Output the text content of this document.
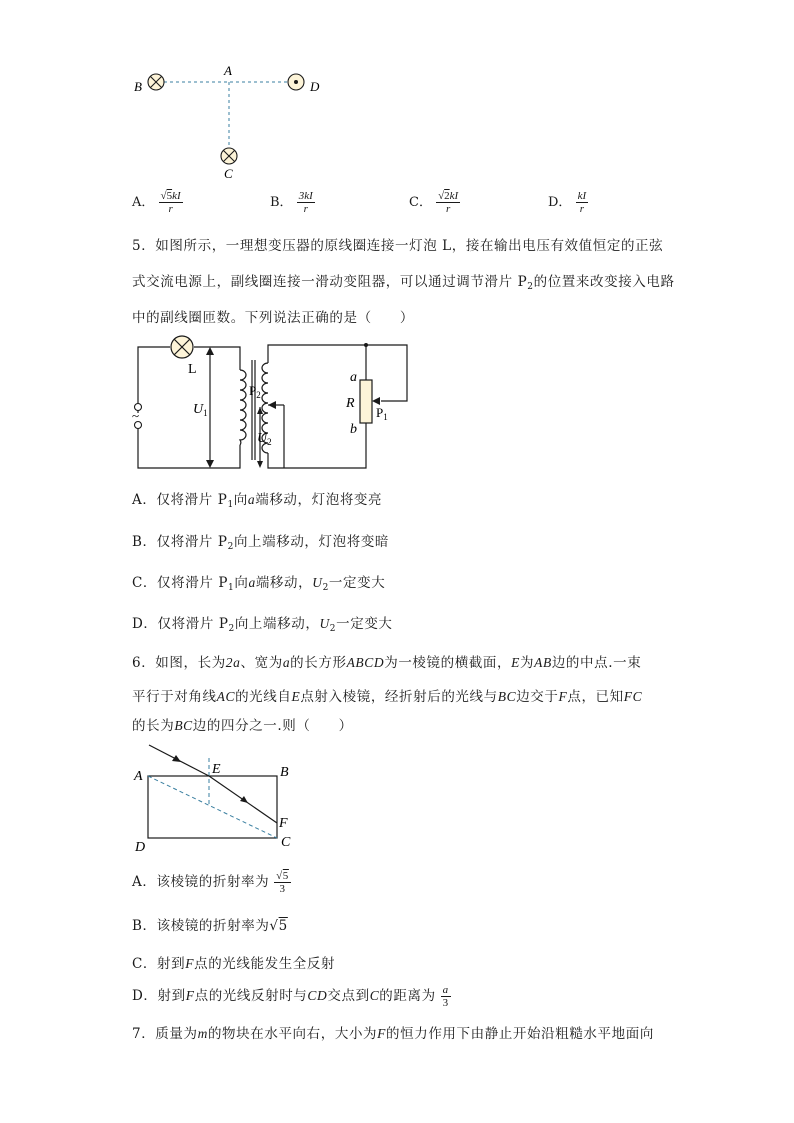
A
B	D
C
A． $\frac{√5kI}{r}$	B． $\frac{3kI}{r}$	C． $\frac{√2kI}{r}$	D． $\frac{kI}{r}$
5．如图所示，一理想变压器的原线圈连接一灯泡 L，接在输出电压有效值恒定的正弦
式交流电源上，副线圈连接一滑动变阻器，可以通过调节滑片 $P_2$的位置来改变接入电路
中的副线圈匝数。下列说法正确的是（　　）
~
L
$U_1$
$U_2$
$P_2$
a
R
b
$P_1$
A．仅将滑片 $P_1$向a端移动，灯泡将变亮
B．仅将滑片 $P_2$向上端移动，灯泡将变暗
C．仅将滑片 $P_1$向a端移动，$U_2$一定变大
D．仅将滑片 $P_2$向上端移动，$U_2$一定变大
6．如图，长为2a、宽为a的长方形ABCD为一棱镜的横截面，E为AB边的中点.一束
平行于对角线AC的光线自E点射入棱镜，经折射后的光线与BC边交于F点，已知FC
的长为BC边的四分之一.则（　　）
A	B
E
F
C
D
A．该棱镜的折射率为 $\frac{√5}{3}$
B．该棱镜的折射率为√5
C．射到F点的光线能发生全反射
D．射到F点的光线反射时与CD交点到C的距离为 $\frac{a}{3}$
7．质量为m的物块在水平向右，大小为F的恒力作用下由静止开始沿粗糙水平地面向
